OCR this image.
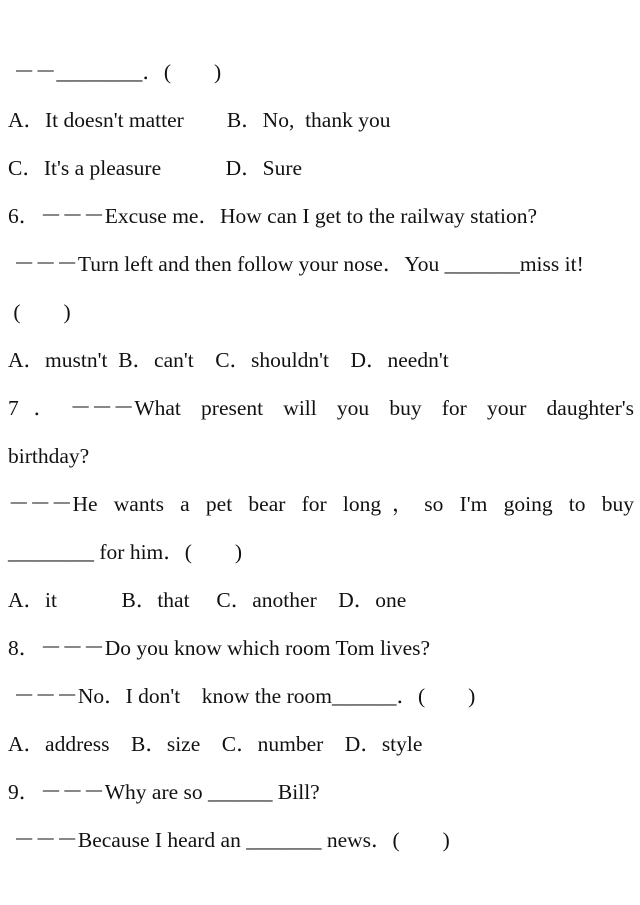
－－________．(　　)
A．It doesn't matter　　B．No,  thank you
C．It's a pleasure　　　D．Sure
6．－－－Excuse me．How can I get to the railway station?
－－－Turn left and then follow your nose．You _______miss it!
(　　)
A．mustn't  B．can't　C．shouldn't　D．needn't
7．－－－What present will you buy for your daughter's
birthday?
－－－He wants a pet bear for long，so I'm going to buy
________ for him．(　　)
A．it　　　B．that　 C．another　D．one
8．－－－Do you know which room Tom lives?
－－－No．I don't　know the room______．(　　)
A．address　B．size　C．number　D．style
9．－－－Why are so ______ Bill?
－－－Because I heard an _______ news．(　　)
